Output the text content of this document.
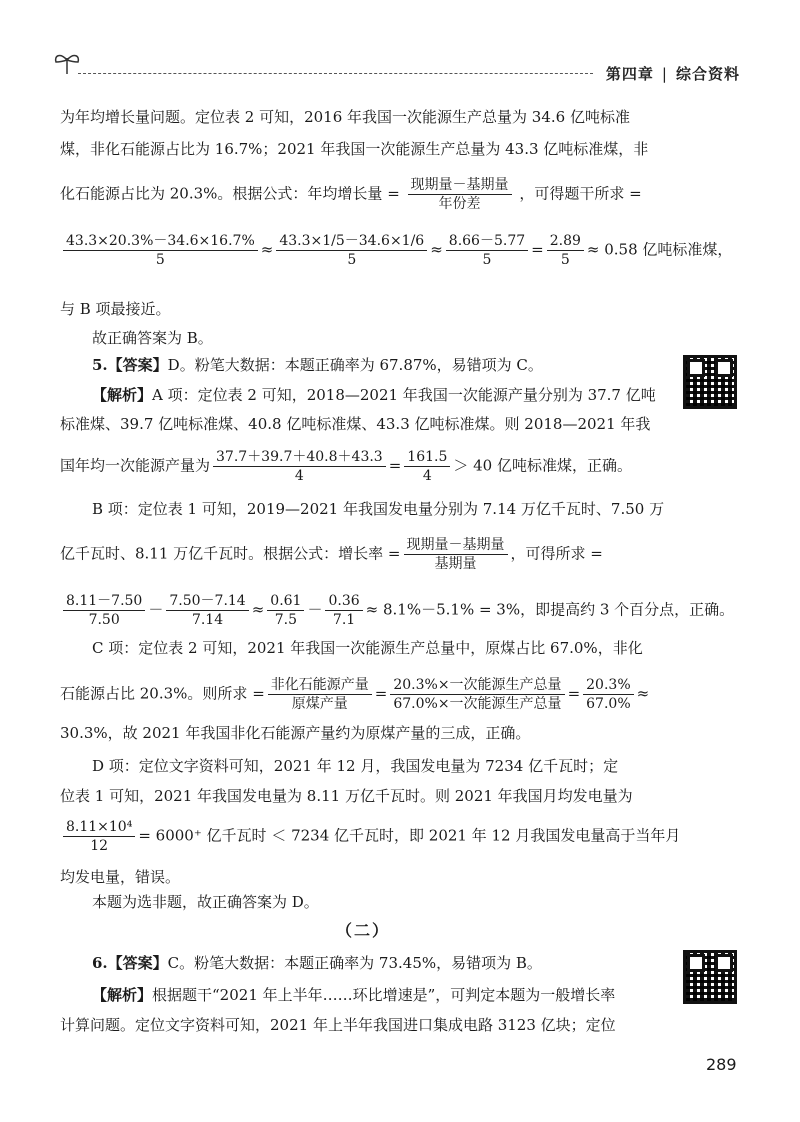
第四章 | 综合资料
为年均增长量问题。定位表 2 可知，2016 年我国一次能源生产总量为 34.6 亿吨标准
煤，非化石能源占比为 16.7%；2021 年我国一次能源生产总量为 43.3 亿吨标准煤，非
化石能源占比为 20.3%。根据公式：年均增长量 = $\frac{\text{现期量－基期量}}{\text{年份差}}$ ，可得题干所求 =
$\frac{43.3\times 20.3\%-34.6\times 16.7\%}{5} \approx \frac{43.3\times 1/5-34.6\times 1/6}{5} \approx \frac{8.66-5.77}{5} = \frac{2.89}{5} \approx 0.58$ 亿吨标准煤，
与 B 项最接近。
故正确答案为 B。
5.【答案】D。粉笔大数据：本题正确率为 67.87%，易错项为 C。
【解析】A 项：定位表 2 可知，2018—2021 年我国一次能源产量分别为 37.7 亿吨
标准煤、39.7 亿吨标准煤、40.8 亿吨标准煤、43.3 亿吨标准煤。则 2018—2021 年我
国年均一次能源产量为 $\frac{37.7+39.7+40.8+43.3}{4} = \frac{161.5}{4} > 40$ 亿吨标准煤，正确。
B 项：定位表 1 可知，2019—2021 年我国发电量分别为 7.14 万亿千瓦时、7.50 万
亿千瓦时、8.11 万亿千瓦时。根据公式：增长率 = $\frac{\text{现期量－基期量}}{\text{基期量}}$ ，可得所求 =
$\frac{8.11-7.50}{7.50} - \frac{7.50-7.14}{7.14} \approx \frac{0.61}{7.5} - \frac{0.36}{7.1} \approx 8.1\%-5.1\% = 3\%$，即提高约 3 个百分点，正确。
C 项：定位表 2 可知，2021 年我国一次能源生产总量中，原煤占比 67.0%，非化
石能源占比 20.3%。则所求 = $\frac{\text{非化石能源产量}}{\text{原煤产量}} = \frac{\text{20.3\%×一次能源生产总量}}{\text{67.0\%×一次能源生产总量}} = \frac{20.3\%}{67.0\%}$ ≈
30.3%，故 2021 年我国非化石能源产量约为原煤产量的三成，正确。
D 项：定位文字资料可知，2021 年 12 月，我国发电量为 7234 亿千瓦时；定
位表 1 可知，2021 年我国发电量为 8.11 万亿千瓦时。则 2021 年我国月均发电量为
$\frac{\text{8.11×10⁴}}{12} = 6000^+$ 亿千瓦时 ＜ 7234 亿千瓦时，即 2021 年 12 月我国发电量高于当年月
均发电量，错误。
本题为选非题，故正确答案为 D。
（二）
6.【答案】C。粉笔大数据：本题正确率为 73.45%，易错项为 B。
【解析】根据题干“2021 年上半年……环比增速是”，可判定本题为一般增长率
计算问题。定位文字资料可知，2021 年上半年我国进口集成电路 3123 亿块；定位
289
